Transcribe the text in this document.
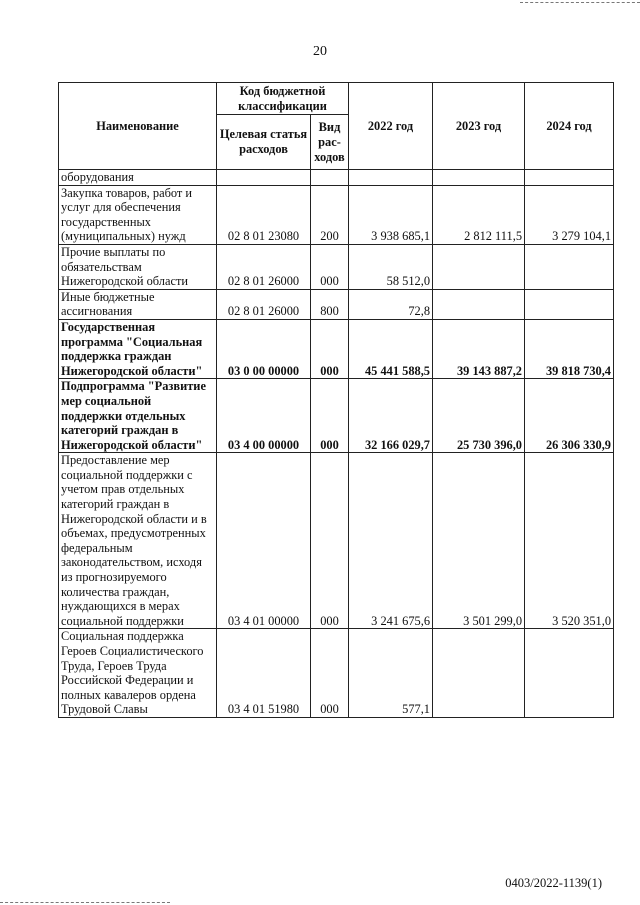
20
Наименование	Код бюджетной классификации		2022 год	2023 год	2024 год
	Целевая статья расходов	Вид рас-ходов			
оборудования					
Закупка товаров, работ и услуг для обеспечения государственных (муниципальных) нужд	02 8 01 23080	200	3 938 685,1	2 812 111,5	3 279 104,1
Прочие выплаты по обязательствам Нижегородской области	02 8 01 26000	000	58 512,0		
Иные бюджетные ассигнования	02 8 01 26000	800	72,8		
Государственная программа "Социальная поддержка граждан Нижегородской области"	03 0 00 00000	000	45 441 588,5	39 143 887,2	39 818 730,4
Подпрограмма "Развитие мер социальной поддержки отдельных категорий граждан в Нижегородской области"	03 4 00 00000	000	32 166 029,7	25 730 396,0	26 306 330,9
Предоставление мер социальной поддержки с учетом прав отдельных категорий граждан в Нижегородской области и в объемах, предусмотренных федеральным законодательством, исходя из прогнозируемого количества граждан, нуждающихся в мерах социальной поддержки	03 4 01 00000	000	3 241 675,6	3 501 299,0	3 520 351,0
Социальная поддержка Героев Социалистического Труда, Героев Труда Российской Федерации и полных кавалеров ордена Трудовой Славы	03 4 01 51980	000	577,1		
0403/2022-1139(1)
